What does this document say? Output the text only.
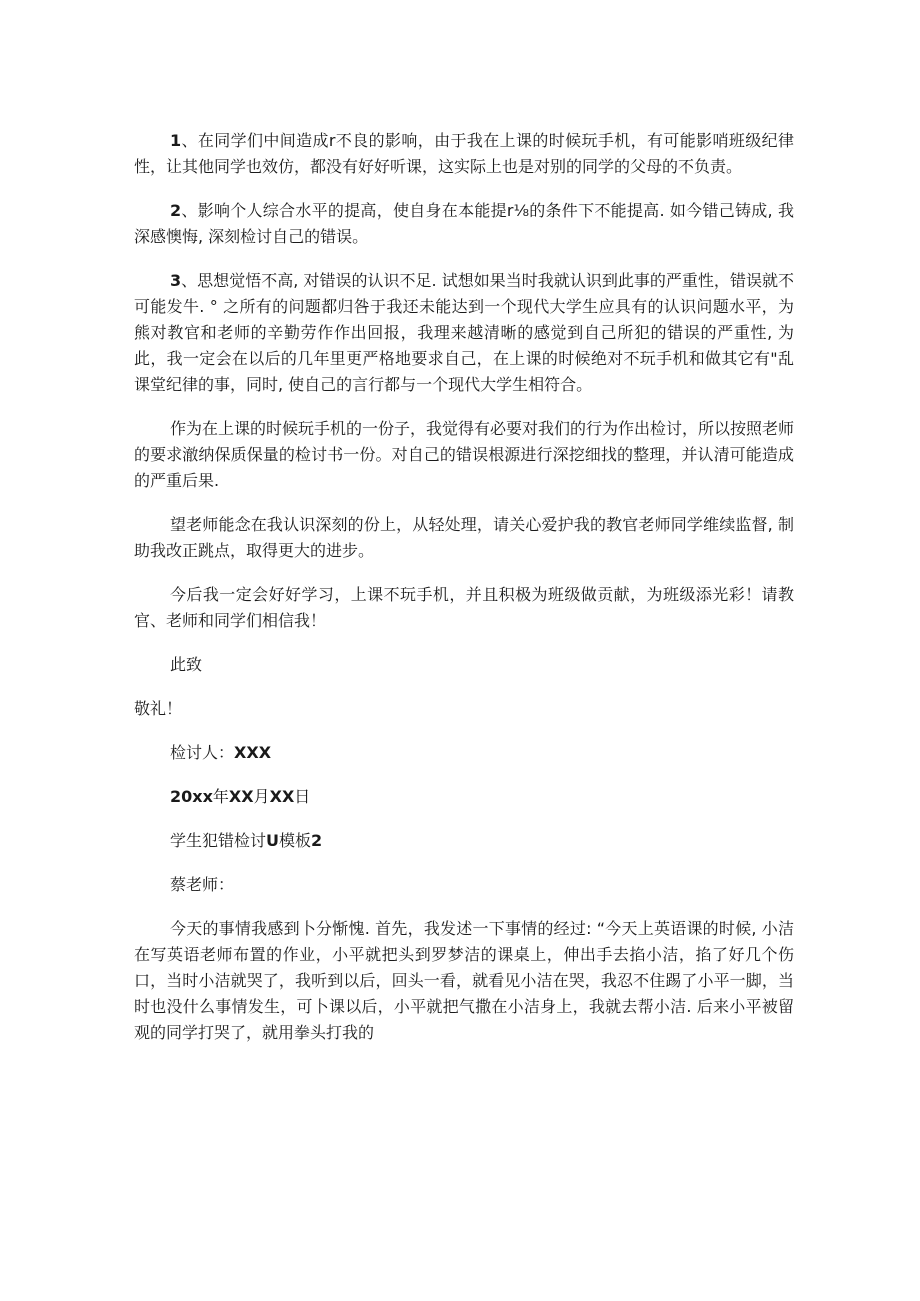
1、在同学们中间造成r不良的影响，由于我在上课的时候玩手机，有可能影哨班级纪律性，让其他同学也效仿，都没有好好听课，这实际上也是对别的同学的父母的不负责。

2、影响个人综合水平的提高，使自身在本能提r⅛的条件下不能提高. 如今错己铸成, 我深感懊悔, 深刻检讨自己的错误。

3、思想觉悟不高, 对错误的认识不足. 试想如果当时我就认识到此事的严重性，错误就不可能发牛. ° 之所有的问题都归咎于我还未能达到一个现代大学生应具有的认识问题水平，为熊对教官和老师的辛勤劳作作出回报，我理来越清晰的感觉到自己所犯的错误的严重性, 为此，我一定会在以后的几年里更严格地要求自己，在上课的时候绝对不玩手机和做其它有"乱课堂纪律的事，同时, 使自己的言行都与一个现代大学生相符合。

作为在上课的时候玩手机的一份子，我觉得有必要对我们的行为作出检讨，所以按照老师的要求澈纳保质保量的检讨书一份。对自己的错误根源进行深挖细找的整理，并认清可能造成的严重后果.

望老师能念在我认识深刻的份上，从轻处理，请关心爱护我的教官老师同学维续监督, 制助我改正跳点，取得更大的进步。

今后我一定会好好学习，上课不玩手机，并且积极为班级做贡献，为班级添光彩！请教官、老师和同学们相信我！

此致

敬礼！

检讨人：XXX

20xx年XX月XX日

学生犯错检讨U模板2

蔡老师：

今天的事情我感到卜分惭愧. 首先，我发述一下事情的经过: “今天上英语课的时候, 小洁在写英语老师布置的作业，小平就把头到罗梦洁的课桌上，伸出手去掐小洁，掐了好几个伤口，当时小洁就哭了，我听到以后，回头一看，就看见小洁在哭，我忍不住踢了小平一脚，当时也没什么事情发生，可卜课以后，小平就把气撒在小洁身上，我就去帮小洁. 后来小平被留观的同学打哭了，就用拳头打我的
